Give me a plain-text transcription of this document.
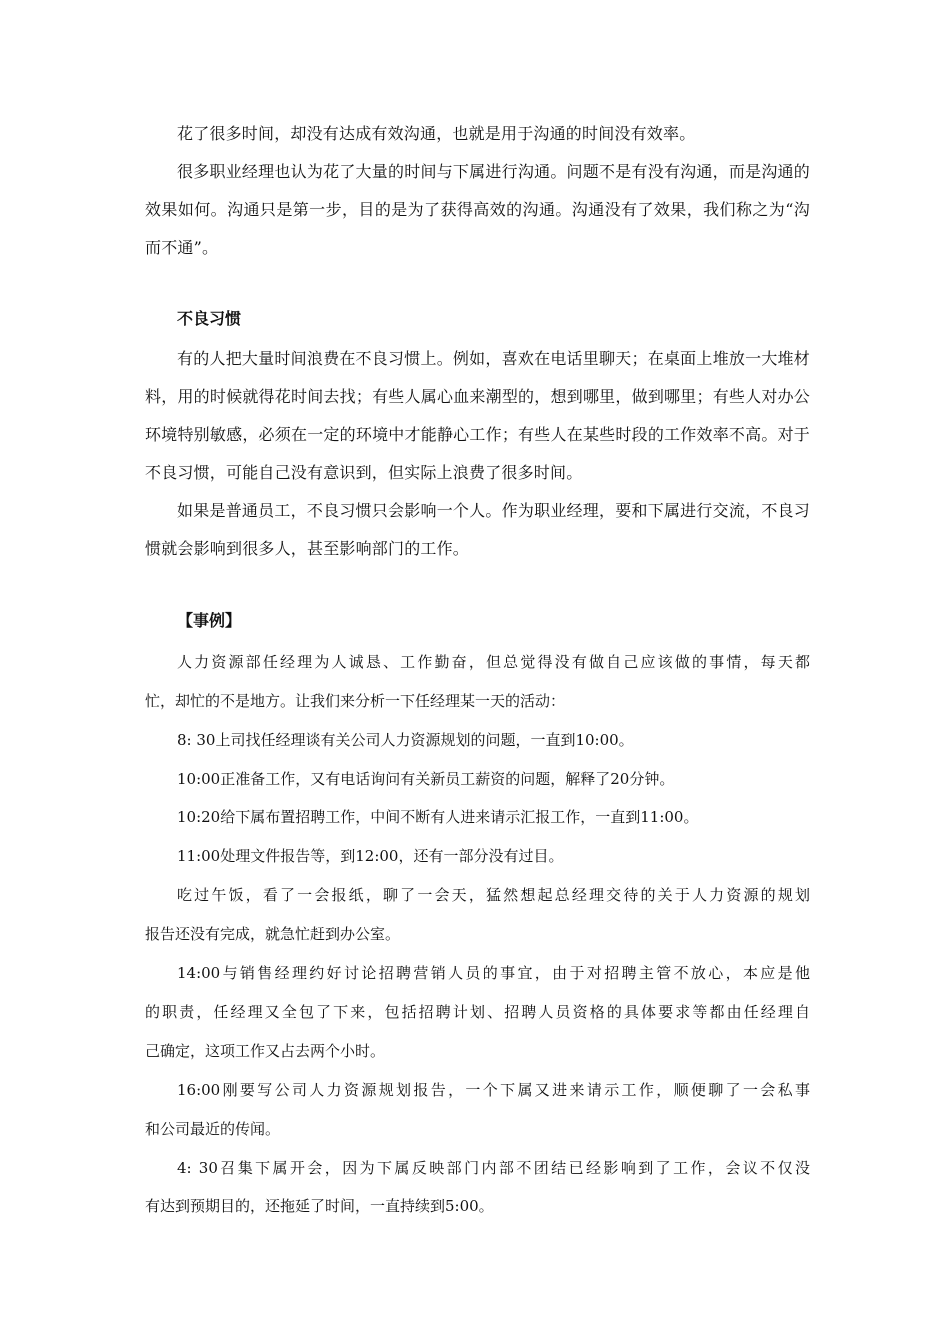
花了很多时间，却没有达成有效沟通，也就是用于沟通的时间没有效率。

很多职业经理也认为花了大量的时间与下属进行沟通。问题不是有没有沟通，而是沟通的效果如何。沟通只是第一步，目的是为了获得高效的沟通。沟通没有了效果，我们称之为“沟而不通”。

不良习惯

有的人把大量时间浪费在不良习惯上。例如，喜欢在电话里聊天；在桌面上堆放一大堆材料，用的时候就得花时间去找；有些人属心血来潮型的，想到哪里，做到哪里；有些人对办公环境特别敏感，必须在一定的环境中才能静心工作；有些人在某些时段的工作效率不高。对于不良习惯，可能自己没有意识到，但实际上浪费了很多时间。

如果是普通员工，不良习惯只会影响一个人。作为职业经理，要和下属进行交流，不良习惯就会影响到很多人，甚至影响部门的工作。

【事例】

人力资源部任经理为人诚恳、工作勤奋，但总觉得没有做自己应该做的事情，每天都

忙，却忙的不是地方。让我们来分析一下任经理某一天的活动：

8: 30上司找任经理谈有关公司人力资源规划的问题，一直到10:00。

10:00正准备工作，又有电话询问有关新员工薪资的问题，解释了20分钟。

10:20给下属布置招聘工作，中间不断有人进来请示汇报工作，一直到11:00。

11:00处理文件报告等，到12:00，还有一部分没有过目。

吃过午饭，看了一会报纸，聊了一会天，猛然想起总经理交待的关于人力资源的规划

报告还没有完成，就急忙赶到办公室。

14:00与销售经理约好讨论招聘营销人员的事宜，由于对招聘主管不放心，本应是他

的职责，任经理又全包了下来，包括招聘计划、招聘人员资格的具体要求等都由任经理自

己确定，这项工作又占去两个小时。

16:00刚要写公司人力资源规划报告，一个下属又进来请示工作，顺便聊了一会私事

和公司最近的传闻。

4: 30召集下属开会，因为下属反映部门内部不团结已经影响到了工作，会议不仅没

有达到预期目的，还拖延了时间，一直持续到5:00。
